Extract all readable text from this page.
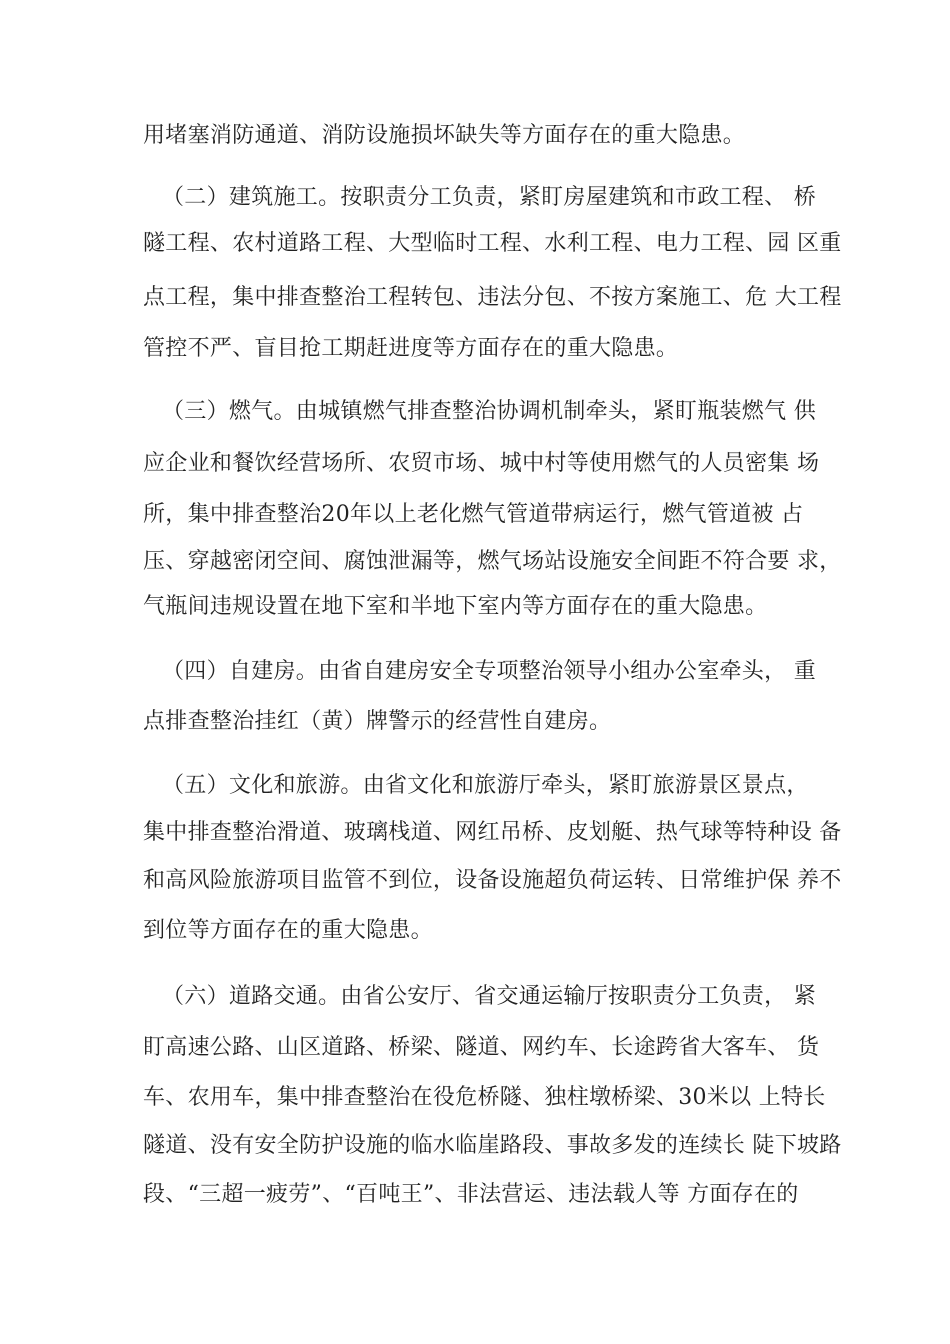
用堵塞消防通道、消防设施损坏缺失等方面存在的重大隐患。
（二）建筑施工。按职责分工负责，紧盯房屋建筑和市政工程、 桥
隧工程、农村道路工程、大型临时工程、水利工程、电力工程、园 区重
点工程，集中排查整治工程转包、违法分包、不按方案施工、危 大工程
管控不严、盲目抢工期赶进度等方面存在的重大隐患。
（三）燃气。由城镇燃气排查整治协调机制牵头，紧盯瓶装燃气 供
应企业和餐饮经营场所、农贸市场、城中村等使用燃气的人员密集 场
所，集中排查整治20年以上老化燃气管道带病运行，燃气管道被 占
压、穿越密闭空间、腐蚀泄漏等，燃气场站设施安全间距不符合要 求，
气瓶间违规设置在地下室和半地下室内等方面存在的重大隐患。
（四）自建房。由省自建房安全专项整治领导小组办公室牵头， 重
点排查整治挂红（黄）牌警示的经营性自建房。
（五）文化和旅游。由省文化和旅游厅牵头，紧盯旅游景区景点，
集中排查整治滑道、玻璃栈道、网红吊桥、皮划艇、热气球等特种设 备
和高风险旅游项目监管不到位，设备设施超负荷运转、日常维护保 养不
到位等方面存在的重大隐患。
（六）道路交通。由省公安厅、省交通运输厅按职责分工负责， 紧
盯高速公路、山区道路、桥梁、隧道、网约车、长途跨省大客车、 货
车、农用车，集中排查整治在役危桥隧、独柱墩桥梁、30米以 上特长
隧道、没有安全防护设施的临水临崖路段、事故多发的连续长 陡下坡路
段、“三超一疲劳”、“百吨王”、非法营运、违法载人等 方面存在的
